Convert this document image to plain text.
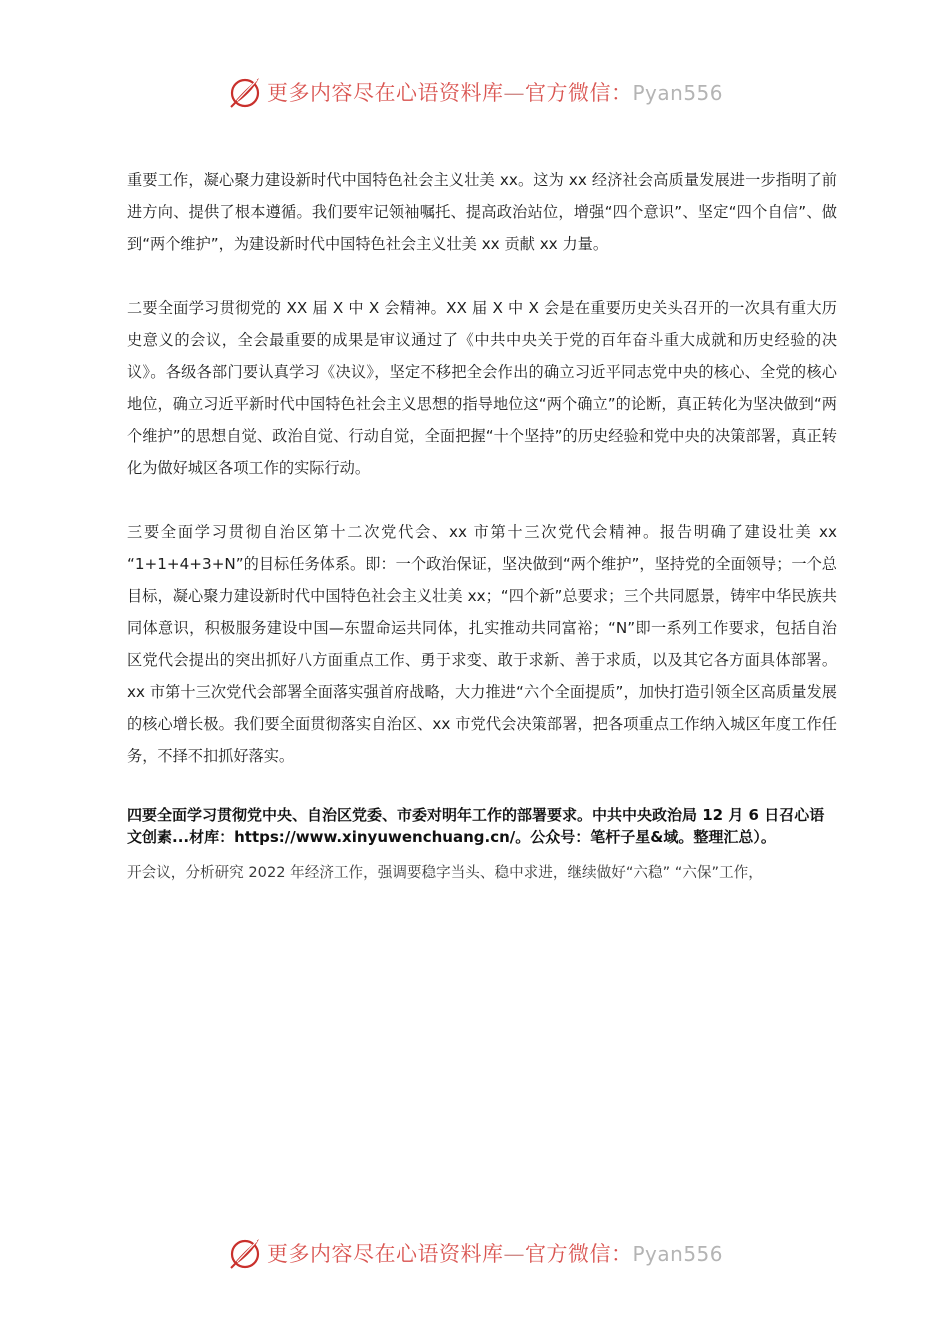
更多内容尽在心语资料库—官方微信：Pyan556

重要工作，凝心聚力建设新时代中国特色社会主义壮美 xx。这为 xx 经济社会高质量发展进一步指明了前进方向、提供了根本遵循。我们要牢记领袖嘱托、提高政治站位，增强“四个意识”、坚定“四个自信”、做到“两个维护”，为建设新时代中国特色社会主义壮美 xx 贡献 xx 力量。

二要全面学习贯彻党的 XX 届 X 中 X 会精神。XX 届 X 中 X 会是在重要历史关头召开的一次具有重大历史意义的会议，全会最重要的成果是审议通过了《中共中央关于党的百年奋斗重大成就和历史经验的决议》。各级各部门要认真学习《决议》，坚定不移把全会作出的确立习近平同志党中央的核心、全党的核心地位，确立习近平新时代中国特色社会主义思想的指导地位这“两个确立”的论断，真正转化为坚决做到“两个维护”的思想自觉、政治自觉、行动自觉，全面把握“十个坚持”的历史经验和党中央的决策部署，真正转化为做好城区各项工作的实际行动。

三要全面学习贯彻自治区第十二次党代会、xx 市第十三次党代会精神。报告明确了建设壮美 xx “1+1+4+3+N”的目标任务体系。即：一个政治保证，坚决做到“两个维护”，坚持党的全面领导；一个总目标，凝心聚力建设新时代中国特色社会主义壮美 xx；“四个新”总要求；三个共同愿景，铸牢中华民族共同体意识，积极服务建设中国—东盟命运共同体，扎实推动共同富裕；“N”即一系列工作要求，包括自治区党代会提出的突出抓好八方面重点工作、勇于求变、敢于求新、善于求质，以及其它各方面具体部署。xx 市第十三次党代会部署全面落实强首府战略，大力推进“六个全面提质”，加快打造引领全区高质量发展的核心增长极。我们要全面贯彻落实自治区、xx 市党代会决策部署，把各项重点工作纳入城区年度工作任务，不择不扣抓好落实。

四要全面学习贯彻党中央、自治区党委、市委对明年工作的部署要求。中共中央政治局 12 月 6 日召心语文创素...材库：https://www.xinyuwenchuang.cn/。公众号：笔杆子星&域。整理汇总）。

开会议，分析研究 2022 年经济工作，强调要稳字当头、稳中求进，继续做好“六稳” “六保”工作，

更多内容尽在心语资料库—官方微信：Pyan556
